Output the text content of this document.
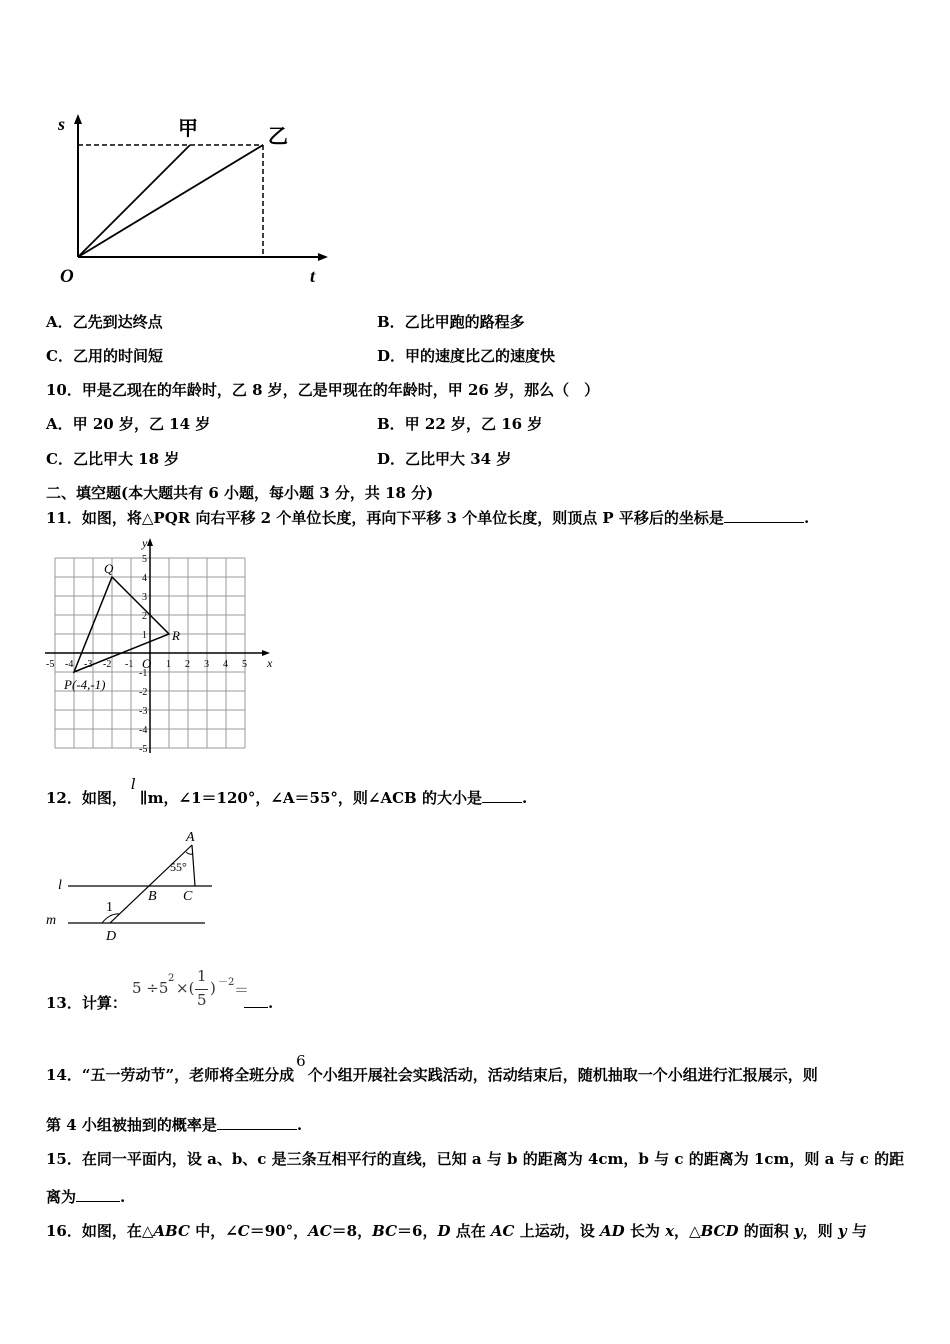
s
t
O
甲	乙
A．乙先到达终点	B．乙比甲跑的路程多
C．乙用的时间短	D．甲的速度比乙的速度快
10．甲是乙现在的年龄时，乙 8 岁，乙是甲现在的年龄时，甲 26 岁，那么（　）
A．甲 20 岁，乙 14 岁	B．甲 22 岁，乙 16 岁
C．乙比甲大 18 岁	D．乙比甲大 34 岁
二、填空题(本大题共有 6 小题，每小题 3 分，共 18 分)
11．如图，将△PQR 向右平移 2 个单位长度，再向下平移 3 个单位长度，则顶点 P 平移后的坐标是	.
-5 -4 -3 -2 -1	1 2 3 4 5
5
4
3
2
1
-1
-2
-3
-4
-5
x
y
O
Q
R
P(-4,-1)
12．如图，l∥m，∠1＝120°，∠A＝55°，则∠ACB 的大小是	.
A
B C
D
l
m
1
55°
13．计算：
5 ÷5
2
×(
1
5
) －2 ＝
.
14．“五一劳动节”，老师将全班分成6个小组开展社会实践活动，活动结束后，随机抽取一个小组进行汇报展示，则
第 4 小组被抽到的概率是	.
15．在同一平面内，设 a、b、c 是三条互相平行的直线，已知 a 与 b 的距离为 4cm，b 与 c 的距离为 1cm，则 a 与 c 的距
离为	.
16．如图，在△ABC 中，∠C＝90°，AC＝8，BC＝6，D 点在 AC 上运动，设 AD 长为 x，△BCD 的面积 y，则 y 与
